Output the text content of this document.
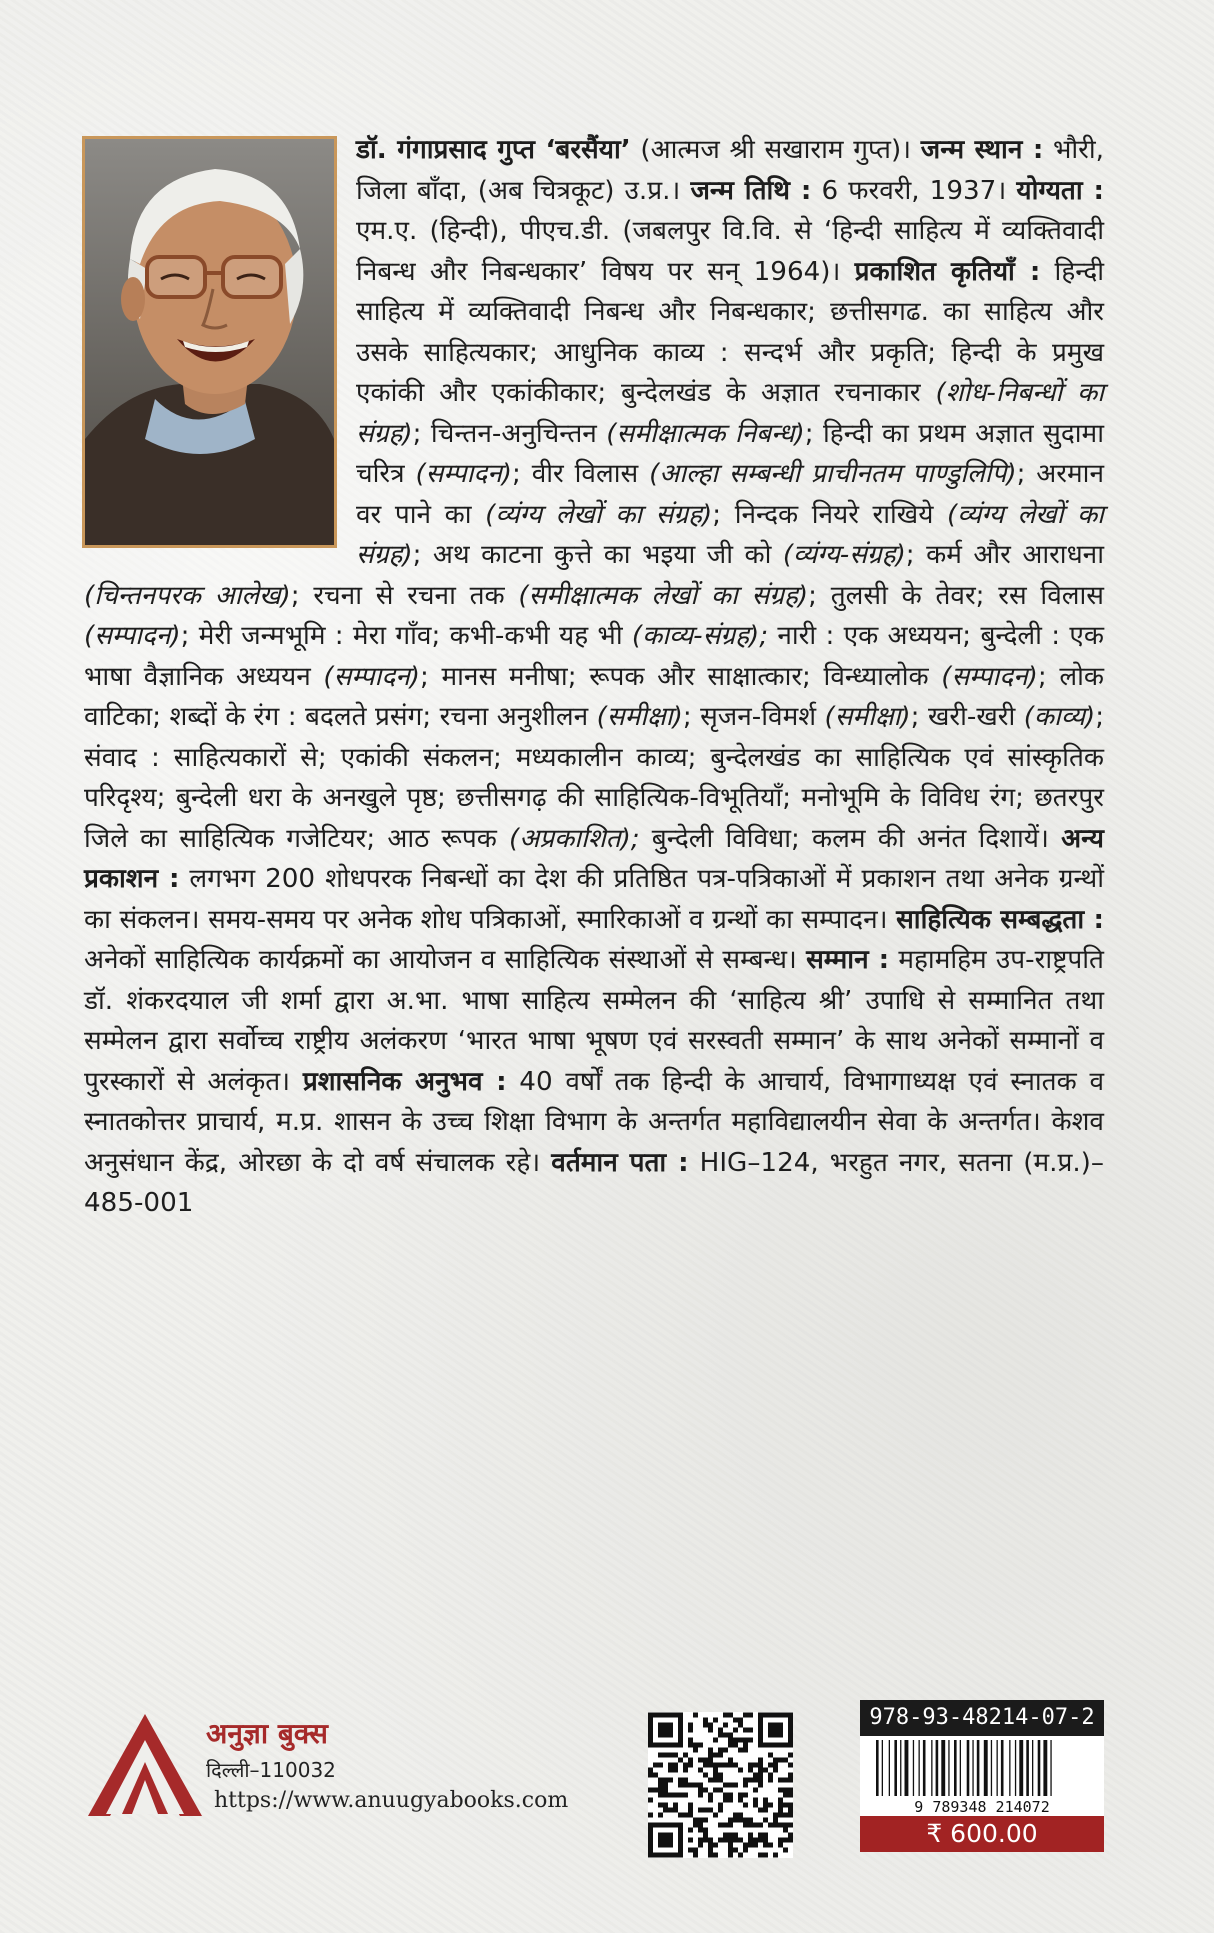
डॉ. गंगाप्रसाद गुप्त ‘बरसैंया’ (आत्मज श्री सखाराम गुप्त)। जन्म स्थान : भौरी, जिला बाँदा, (अब चित्रकूट) उ.प्र.। जन्म तिथि : 6 फरवरी, 1937। योग्यता : एम.ए. (हिन्दी), पीएच.डी. (जबलपुर वि.वि. से ‘हिन्दी साहित्य में व्यक्तिवादी निबन्ध और निबन्धकार’ विषय पर सन् 1964)। प्रकाशित कृतियाँ : हिन्दी साहित्य में व्यक्तिवादी निबन्ध और निबन्धकार; छत्तीसगढ. का साहित्य और उसके साहित्यकार; आधुनिक काव्य : सन्दर्भ और प्रकृति; हिन्दी के प्रमुख एकांकी और एकांकीकार; बुन्देलखंड के अज्ञात रचनाकार (शोध-निबन्धों का संग्रह); चिन्तन-अनुचिन्तन (समीक्षात्मक निबन्ध); हिन्दी का प्रथम अज्ञात सुदामा चरित्र (सम्पादन); वीर विलास (आल्हा सम्बन्धी प्राचीनतम पाण्डुलिपि); अरमान वर पाने का (व्यंग्य लेखों का संग्रह); निन्दक नियरे राखिये (व्यंग्य लेखों का संग्रह); अथ काटना कुत्ते का भइया जी को (व्यंग्य-संग्रह); कर्म और आराधना (चिन्तनपरक आलेख); रचना से रचना तक (समीक्षात्मक लेखों का संग्रह); तुलसी के तेवर; रस विलास (सम्पादन); मेरी जन्मभूमि : मेरा गाँव; कभी-कभी यह भी (काव्य-संग्रह); नारी : एक अध्ययन; बुन्देली : एक भाषा वैज्ञानिक अध्ययन (सम्पादन); मानस मनीषा; रूपक और साक्षात्कार; विन्ध्यालोक (सम्पादन); लोक वाटिका; शब्दों के रंग : बदलते प्रसंग; रचना अनुशीलन (समीक्षा); सृजन-विमर्श (समीक्षा); खरी-खरी (काव्य); संवाद : साहित्यकारों से; एकांकी संकलन; मध्यकालीन काव्य; बुन्देलखंड का साहित्यिक एवं सांस्कृतिक परिदृश्य; बुन्देली धरा के अनखुले पृष्ठ; छत्तीसगढ़ की साहित्यिक-विभूतियाँ; मनोभूमि के विविध रंग; छतरपुर जिले का साहित्यिक गजेटियर; आठ रूपक (अप्रकाशित); बुन्देली विविधा; कलम की अनंत दिशायें। अन्य प्रकाशन : लगभग 200 शोधपरक निबन्धों का देश की प्रतिष्ठित पत्र-पत्रिकाओं में प्रकाशन तथा अनेक ग्रन्थों का संकलन। समय-समय पर अनेक शोध पत्रिकाओं, स्मारिकाओं व ग्रन्थों का सम्पादन। साहित्यिक सम्बद्धता : अनेकों साहित्यिक कार्यक्रमों का आयोजन व साहित्यिक संस्थाओं से सम्बन्ध। सम्मान : महामहिम उप-राष्ट्रपति डॉ. शंकरदयाल जी शर्मा द्वारा अ.भा. भाषा साहित्य सम्मेलन की ‘साहित्य श्री’ उपाधि से सम्मानित तथा सम्मेलन द्वारा सर्वोच्च राष्ट्रीय अलंकरण ‘भारत भाषा भूषण एवं सरस्वती सम्मान’ के साथ अनेकों सम्मानों व पुरस्कारों से अलंकृत। प्रशासनिक अनुभव : 40 वर्षों तक हिन्दी के आचार्य, विभागाध्यक्ष एवं स्नातक व स्नातकोत्तर प्राचार्य, म.प्र. शासन के उच्च शिक्षा विभाग के अन्तर्गत महाविद्यालयीन सेवा के अन्तर्गत। केशव अनुसंधान केंद्र, ओरछा के दो वर्ष संचालक रहे। वर्तमान पता : HIG–124, भरहुत नगर, सतना (म.प्र.)–485-001
अनुज्ञा बुक्स
दिल्ली–110032
https://www.anuugyabooks.com
978-93-48214-07-2
9 789348 214072
₹ 600.00
